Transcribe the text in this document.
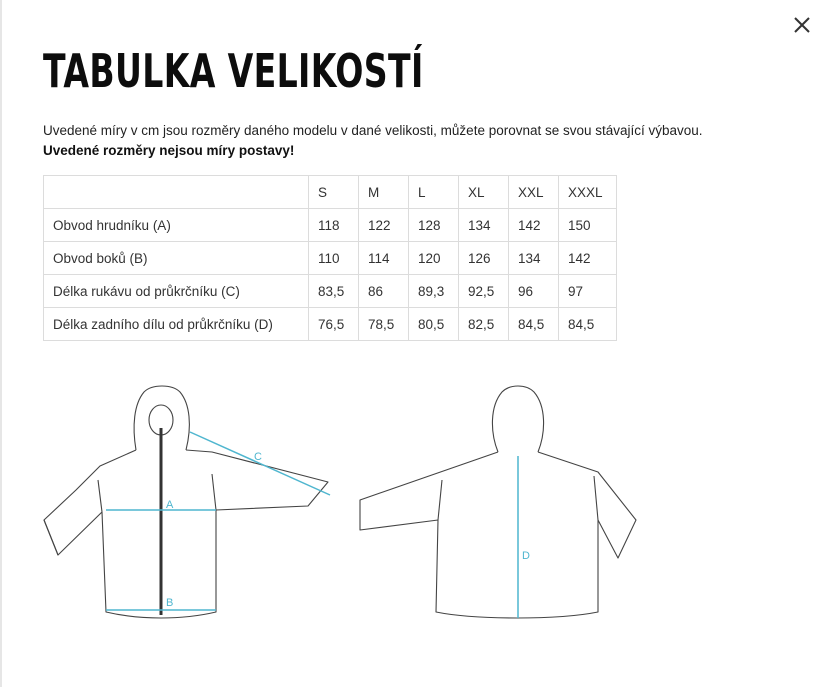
TABULKA VELIKOSTÍ
Uvedené míry v cm jsou rozměry daného modelu v dané velikosti, můžete porovnat se svou stávající výbavou.
Uvedené rozměry nejsou míry postavy!
	S	M	L	XL	XXL	XXXL
Obvod hrudníku (A)	118	122	128	134	142	150
Obvod boků (B)	110	114	120	126	134	142
Délka rukávu od průkrčníku (C)	83,5	86	89,3	92,5	96	97
Délka zadního dílu od průkrčníku (D)	76,5	78,5	80,5	82,5	84,5	84,5
A
B
C
D
